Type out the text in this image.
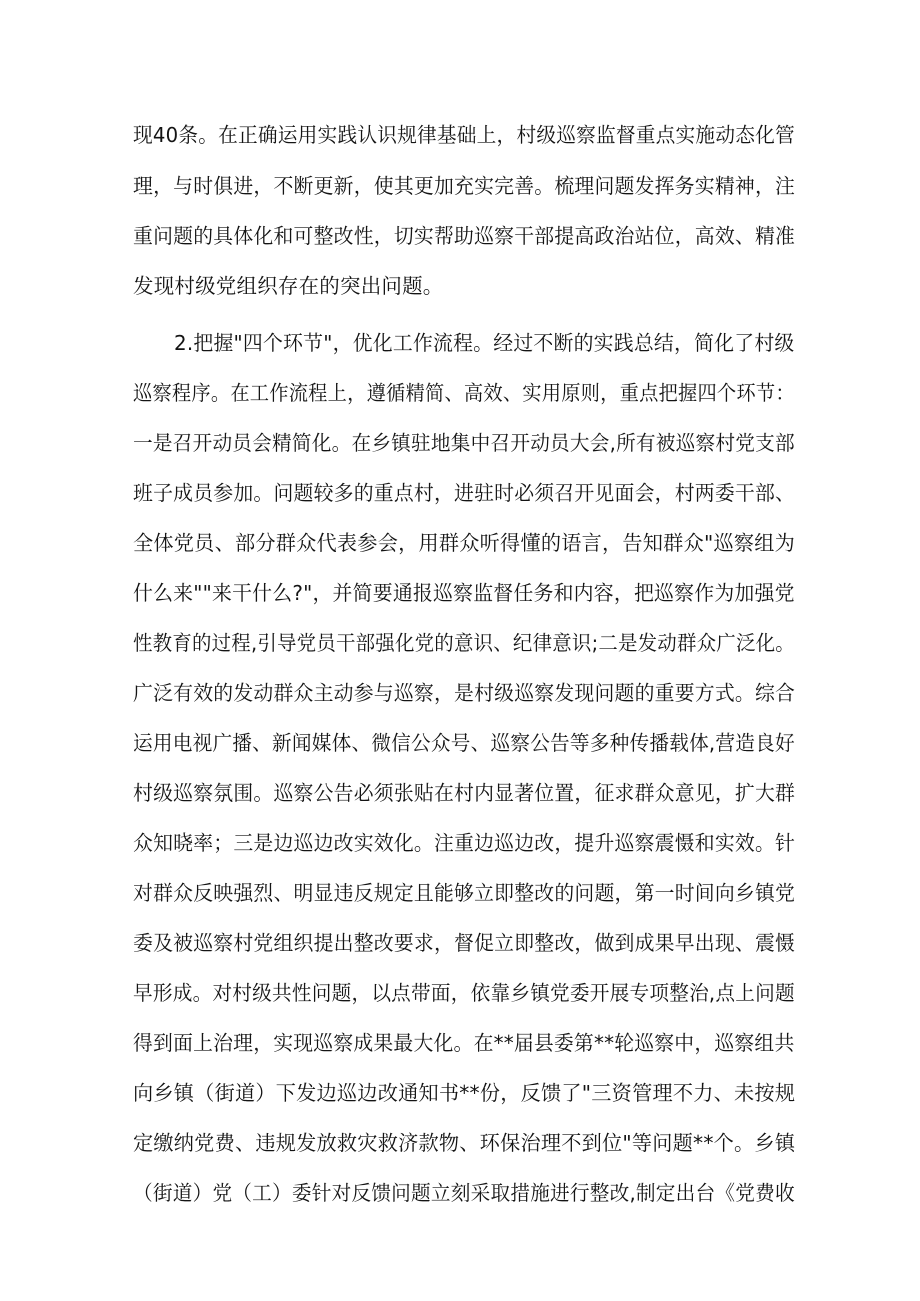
现40条。在正确运用实践认识规律基础上，村级巡察监督重点实施动态化管
理，与时俱进，不断更新，使其更加充实完善。梳理问题发挥务实精神，注
重问题的具体化和可整改性，切实帮助巡察干部提高政治站位，高效、精准
发现村级党组织存在的突出问题。
2.把握"四个环节"，优化工作流程。经过不断的实践总结，简化了村级
巡察程序。在工作流程上，遵循精简、高效、实用原则，重点把握四个环节：
一是召开动员会精简化。在乡镇驻地集中召开动员大会,所有被巡察村党支部
班子成员参加。问题较多的重点村，进驻时必须召开见面会，村两委干部、
全体党员、部分群众代表参会，用群众听得懂的语言，告知群众"巡察组为
什么来""来干什么?"，并简要通报巡察监督任务和内容，把巡察作为加强党
性教育的过程,引导党员干部强化党的意识、纪律意识;二是发动群众广泛化。
广泛有效的发动群众主动参与巡察，是村级巡察发现问题的重要方式。综合
运用电视广播、新闻媒体、微信公众号、巡察公告等多种传播载体,营造良好
村级巡察氛围。巡察公告必须张贴在村内显著位置，征求群众意见，扩大群
众知晓率；三是边巡边改实效化。注重边巡边改，提升巡察震慑和实效。针
对群众反映强烈、明显违反规定且能够立即整改的问题，第一时间向乡镇党
委及被巡察村党组织提出整改要求，督促立即整改，做到成果早出现、震慑
早形成。对村级共性问题，以点带面，依靠乡镇党委开展专项整治,点上问题
得到面上治理，实现巡察成果最大化。在**届县委第**轮巡察中，巡察组共
向乡镇（街道）下发边巡边改通知书**份，反馈了"三资管理不力、未按规
定缴纳党费、违规发放救灾救济款物、环保治理不到位"等问题**个。乡镇
（街道）党（工）委针对反馈问题立刻采取措施进行整改,制定出台《党费收
